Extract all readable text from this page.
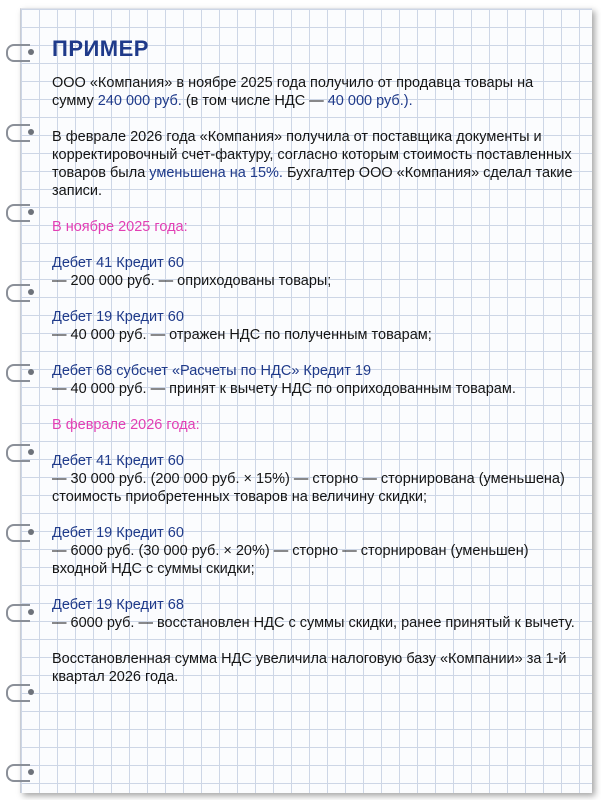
ПРИМЕР
ООО «Компания» в ноябре 2025 года получило от продавца товары на сумму 240 000 руб. (в том числе НДС — 40 000 руб.).
В феврале 2026 года «Компания» получила от поставщика документы и корректировочный счет-фактуру, согласно которым стоимость поставленных товаров была уменьшена на 15%. Бухгалтер ООО «Компания» сделал такие записи.
В ноябре 2025 года:
Дебет 41 Кредит 60
— 200 000 руб. — оприходованы товары;
Дебет 19 Кредит 60
— 40 000 руб. — отражен НДС по полученным товарам;
Дебет 68 субсчет «Расчеты по НДС» Кредит 19
— 40 000 руб. — принят к вычету НДС по оприходованным товарам.
В феврале 2026 года:
Дебет 41 Кредит 60
— 30 000 руб. (200 000 руб. × 15%) — сторно — сторнирована (уменьшена) стоимость приобретенных товаров на величину скидки;
Дебет 19 Кредит 60
— 6000 руб. (30 000 руб. × 20%) — сторно — сторнирован (уменьшен) входной НДС с суммы скидки;
Дебет 19 Кредит 68
— 6000 руб. — восстановлен НДС с суммы скидки, ранее принятый к вычету.
Восстановленная сумма НДС увеличила налоговую базу «Компании» за 1-й квартал 2026 года.
